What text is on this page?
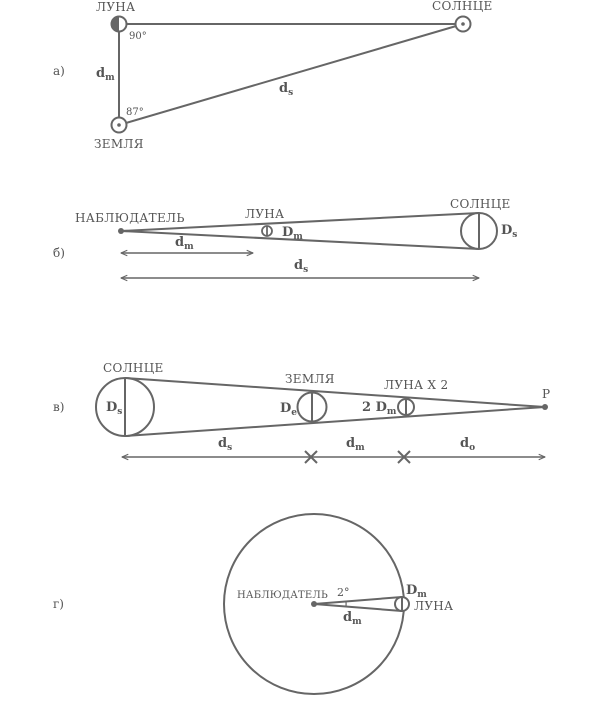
а)
ЛУНА	СОЛНЦЕ
ЗЕМЛЯ
90°
87°
$d_m$
$d_s$
б)
НАБЛЮДАТЕЛЬ	ЛУНА
СОЛНЦЕ
$D_m$	$D_s$
$d_m$
$d_s$
в)
СОЛНЦЕ
ЗЕМЛЯ	ЛУНА X 2
P
$D_s$	$D_e$	2 $D_m$
$d_s$	$d_m$	$d_o$
г)
НАБЛЮДАТЕЛЬ 2°
ЛУНА
$D_m$
$d_m$
